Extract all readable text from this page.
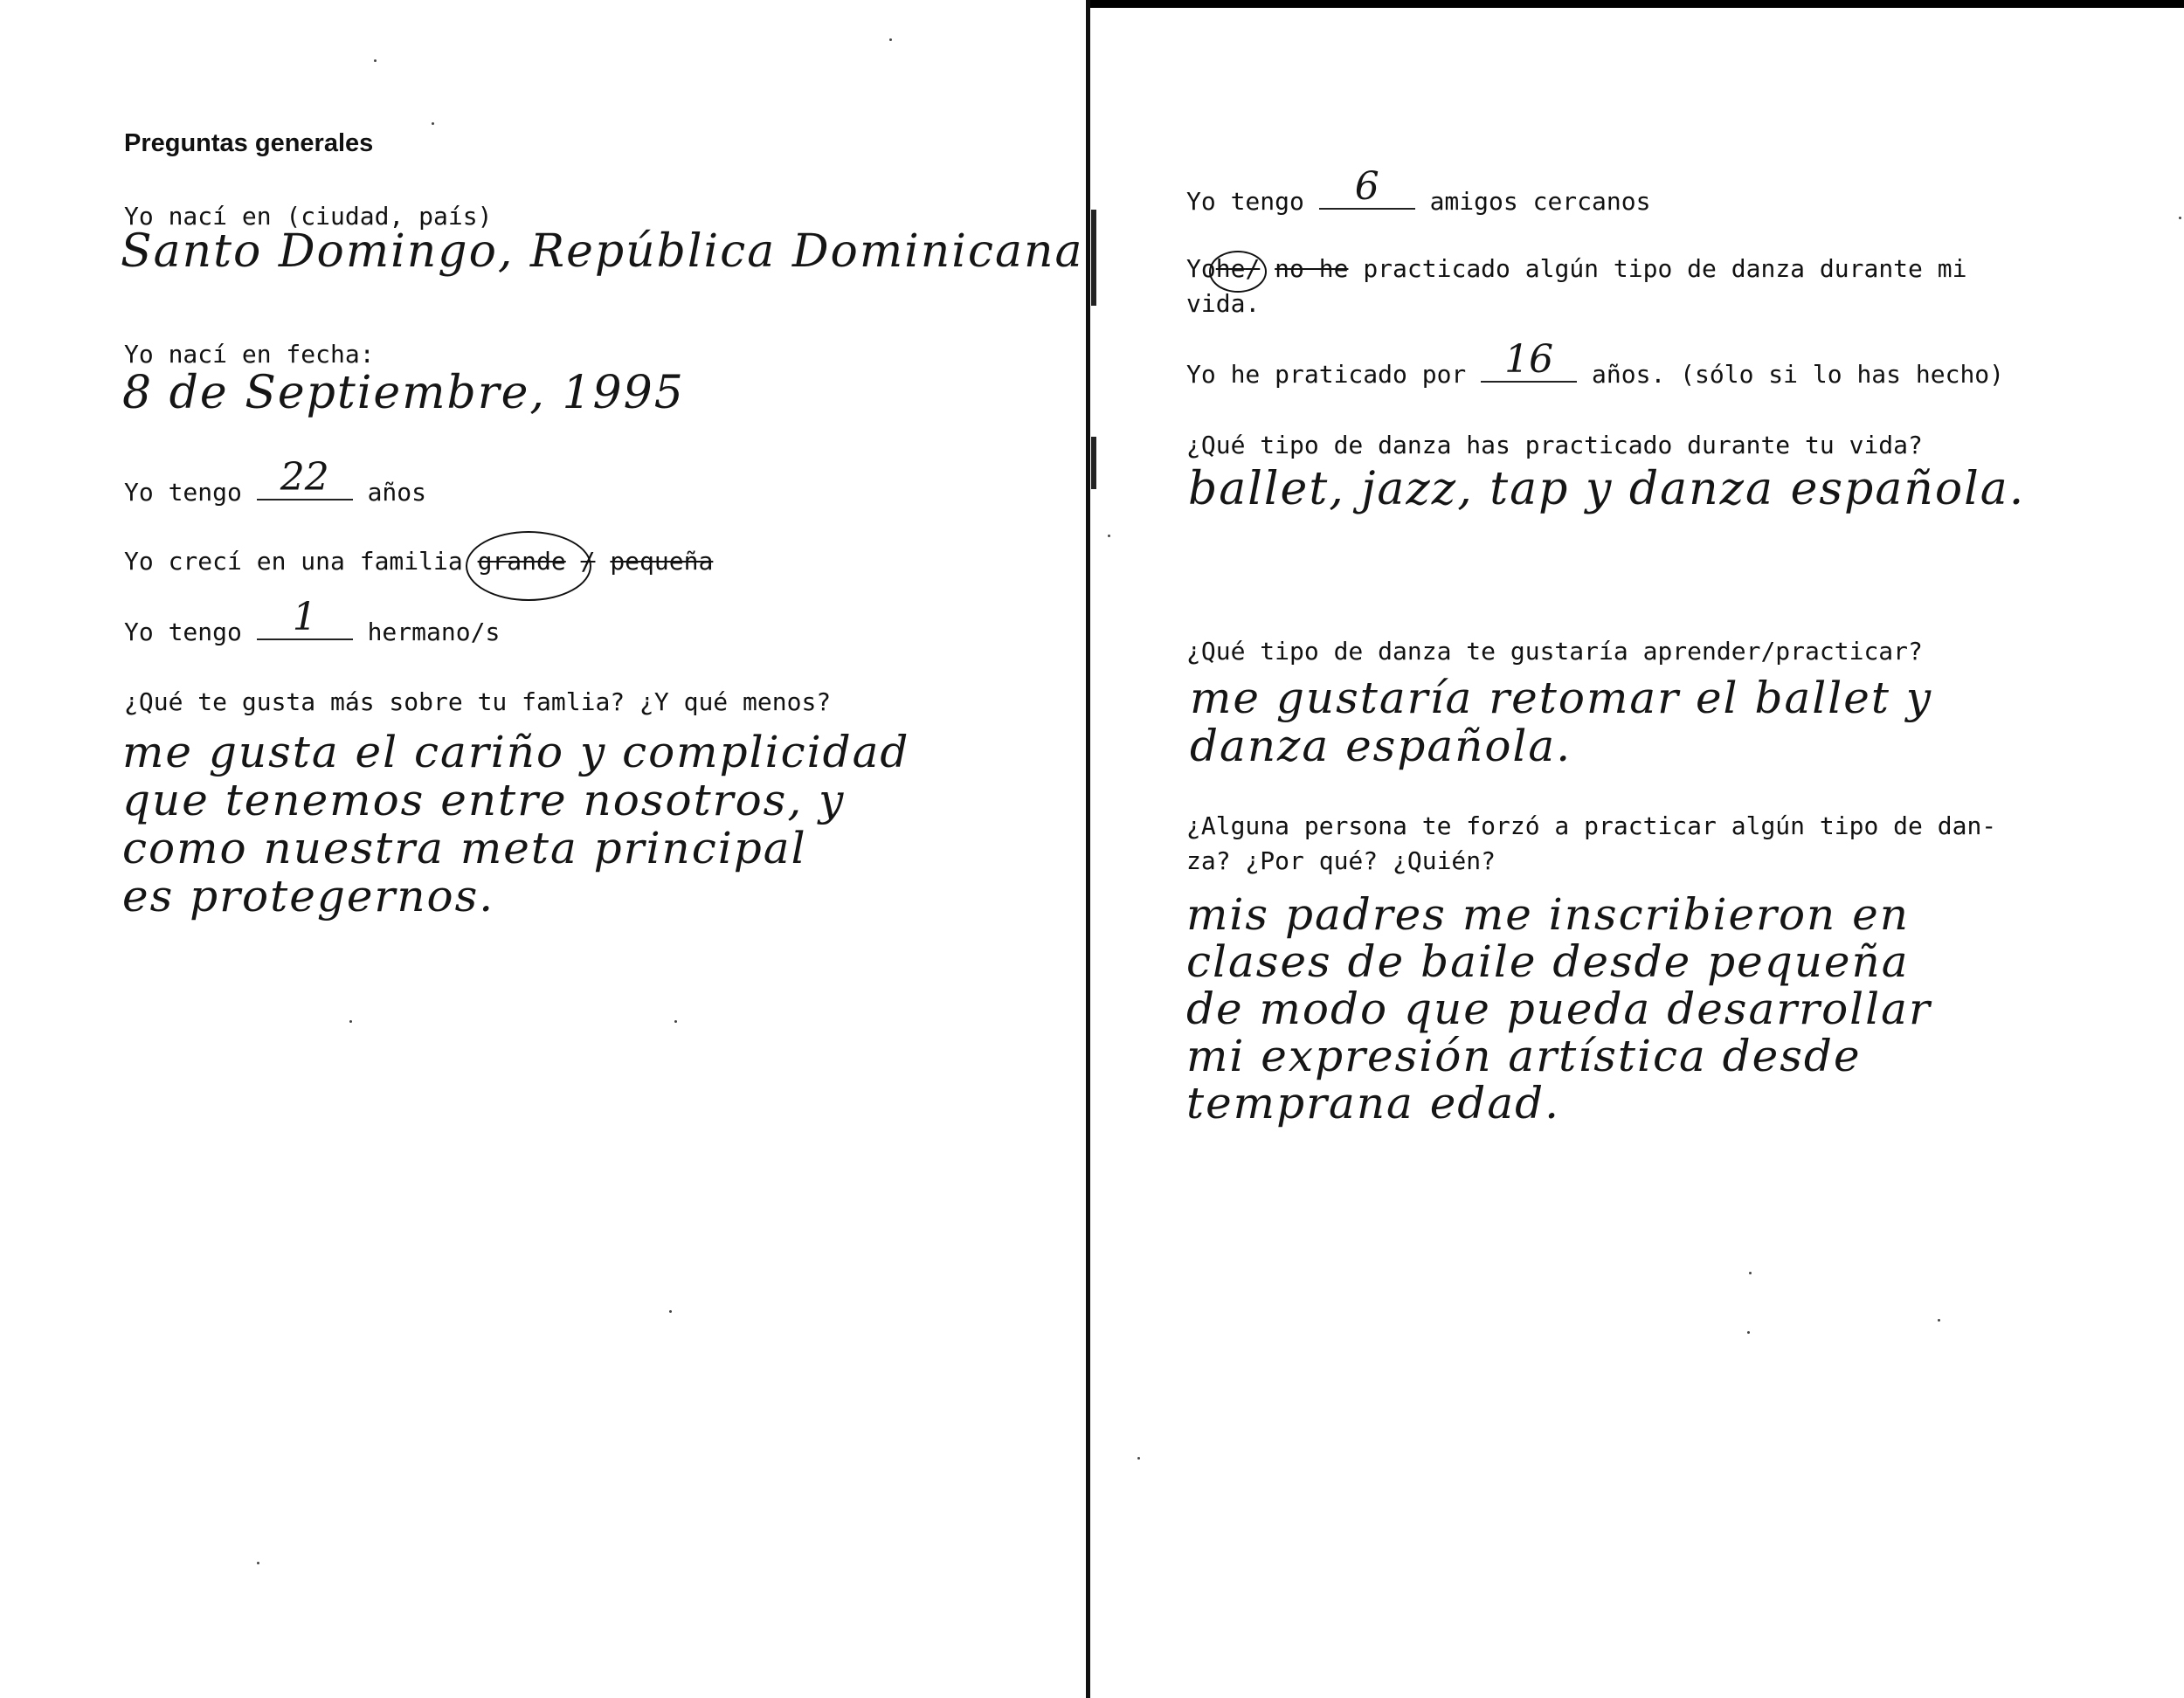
Preguntas generales
Yo nací en (ciudad, país)
Santo Domingo, República Dominicana
Yo nací en fecha:
8 de Septiembre, 1995
Yo tengo 22	años
Yo crecí en una familia grande / pequeña
Yo tengo	1	hermano/s
¿Qué te gusta más sobre tu famlia? ¿Y qué menos?
me gusta el cariño y complicidad
que tenemos entre nosotros, y
como nuestra meta principal
es protegernos.
Yo tengo	6	amigos cercanos
Yohe
/ no he practicado algún tipo de danza durante mi
vida.
Yo he praticado por 16	años. (sólo si lo has hecho)
¿Qué tipo de danza has practicado durante tu vida?
ballet, jazz, tap y danza española.
¿Qué tipo de danza te gustaría aprender/practicar?
me gustaría retomar el ballet y
danza española.
¿Alguna persona te forzó a practicar algún tipo de dan-
za? ¿Por qué? ¿Quién?
mis padres me inscribieron en
clases de baile desde pequeña
de modo que pueda desarrollar
mi expresión artística desde
temprana edad.
